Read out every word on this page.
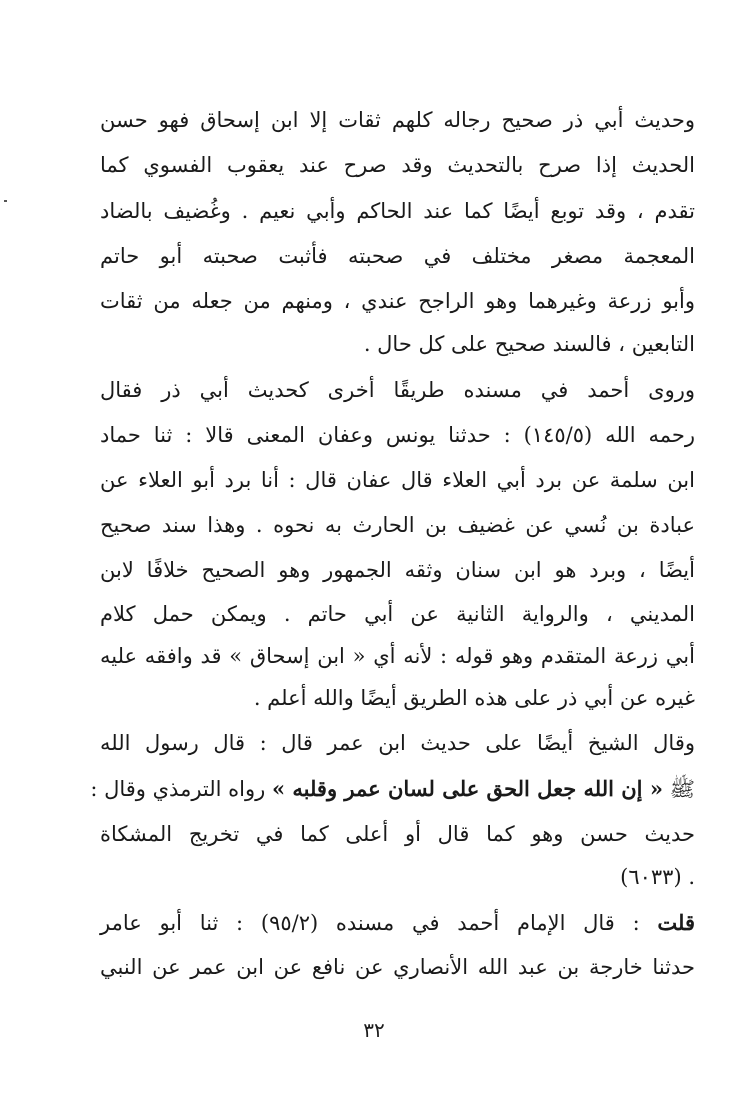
وحديث أبي ذر صحيح رجاله كلهم ثقات إلا ابن إسحاق فهو حسن
الحديث إذا صرح بالتحديث وقد صرح عند يعقوب الفسوي كما
تقدم ، وقد توبع أيضًا كما عند الحاكم وأبي نعيم . وغُضيف بالضاد
المعجمة مصغر مختلف في صحبته فأثبت صحبته أبو حاتم
وأبو زرعة وغيرهما وهو الراجح عندي ، ومنهم من جعله من ثقات
التابعين ، فالسند صحيح على كل حال .
وروى أحمد في مسنده طريقًا أخرى كحديث أبي ذر فقال
رحمه الله (١٤٥/٥) : حدثنا يونس وعفان المعنى قالا : ثنا حماد
ابن سلمة عن برد أبي العلاء قال عفان قال : أنا برد أبو العلاء عن
عبادة بن نُسي عن غضيف بن الحارث به نحوه . وهذا سند صحيح
أيضًا ، وبرد هو ابن سنان وثقه الجمهور وهو الصحيح خلافًا لابن
المديني ، والرواية الثانية عن أبي حاتم . ويمكن حمل كلام
أبي زرعة المتقدم وهو قوله : لأنه أي « ابن إسحاق » قد وافقه عليه
غيره عن أبي ذر على هذه الطريق أيضًا والله أعلم .
وقال الشيخ أيضًا على حديث ابن عمر قال : قال رسول الله
ﷺ « إن الله جعل الحق على لسان عمر وقلبه » رواه الترمذي وقال :
حديث حسن وهو كما قال أو أعلى كما في تخريج المشكاة
. (٦٠٣٣)
قلت : قال الإمام أحمد في مسنده (٩٥/٢) : ثنا أبو عامر
حدثنا خارجة بن عبد الله الأنصاري عن نافع عن ابن عمر عن النبي
٣٢
